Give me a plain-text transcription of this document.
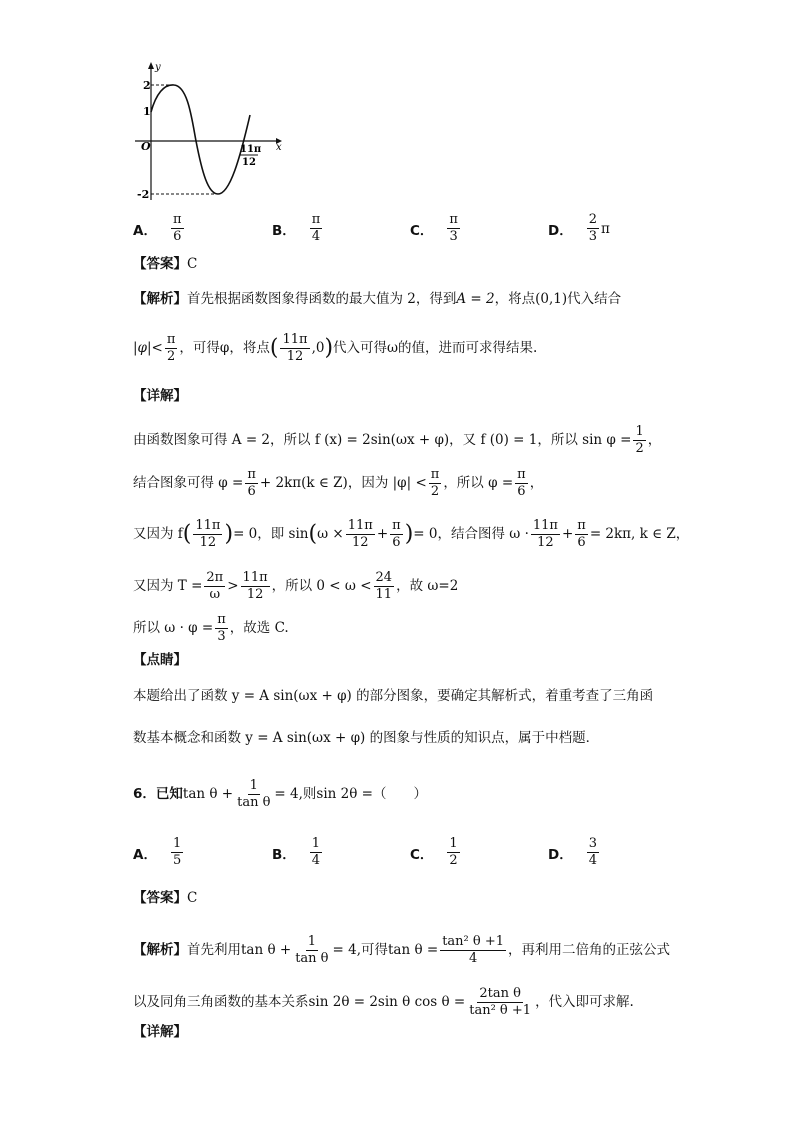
y
x
O
2
1
-2
11π
12
A． $\frac{\pi}{6}$	B． $\frac{\pi}{4}$	C． $\frac{\pi}{3}$	D． $\frac{2}{3}$ π
【答案】C
【解析】首先根据函数图象得函数的最大值为 2，得到A = 2，将点(0,1)代入结合
$|\varphi|< \frac{\pi}{2}$ ，可得φ，将点( $\frac{11\pi}{12} ,0$)代入可得ω的值，进而可求得结果.
【详解】
由函数图象可得 A = 2，所以 f (x) = 2sin(ωx + φ)，又 f (0) = 1，所以 $\sin \varphi = \frac{1}{2}$ ，
结合图象可得 $\varphi = \frac{\pi}{6} + 2k\pi(k$ ∈ Z)，因为 $|\varphi| < \frac{\pi}{2}$ ，所以 $\varphi = \frac{\pi}{6}$ ，
又因为 $f( \frac{11\pi}{12}$ )= 0，即 $\sin(\omega \times \frac{11\pi}{12} + \frac{\pi}{6}$ )= 0，结合图得 $\omega \cdot \frac{11\pi}{12} + \frac{\pi}{6} = 2k\pi$, k ∈ Z，
又因为 $T = \frac{2\pi}{\omega} > \frac{11\pi}{12}$ ，所以 $0 < \omega < \frac{24}{11}$ ，故 ω=2
所以 $\omega \cdot \varphi = \frac{\pi}{3}$ ，故选 C.
【点睛】
本题给出了函数 y = A sin(ωx + φ) 的部分图象，要确定其解析式，着重考查了三角函
数基本概念和函数 y = A sin(ωx + φ) 的图象与性质的知识点，属于中档题．
6．已知$\tan \theta + \frac{1}{\text{tan θ}} = 4$,则sin 2θ =（　　）
A． $\frac{1}{5}$	B． $\frac{1}{4}$	C． $\frac{1}{2}$	D． $\frac{3}{4}$
【答案】C
【解析】首先利用$\tan \theta + \frac{1}{\text{tan θ}} = 4$,可得$\tan \theta = \frac{\text{tan² θ +1}}{4}$ ，再利用二倍角的正弦公式
以及同角三角函数的基本关系sin 2θ = 2sin θ $\cos \theta = \frac{\text{2tan θ}}{\text{tan² θ +1}}$ ，代入即可求解.
【详解】
